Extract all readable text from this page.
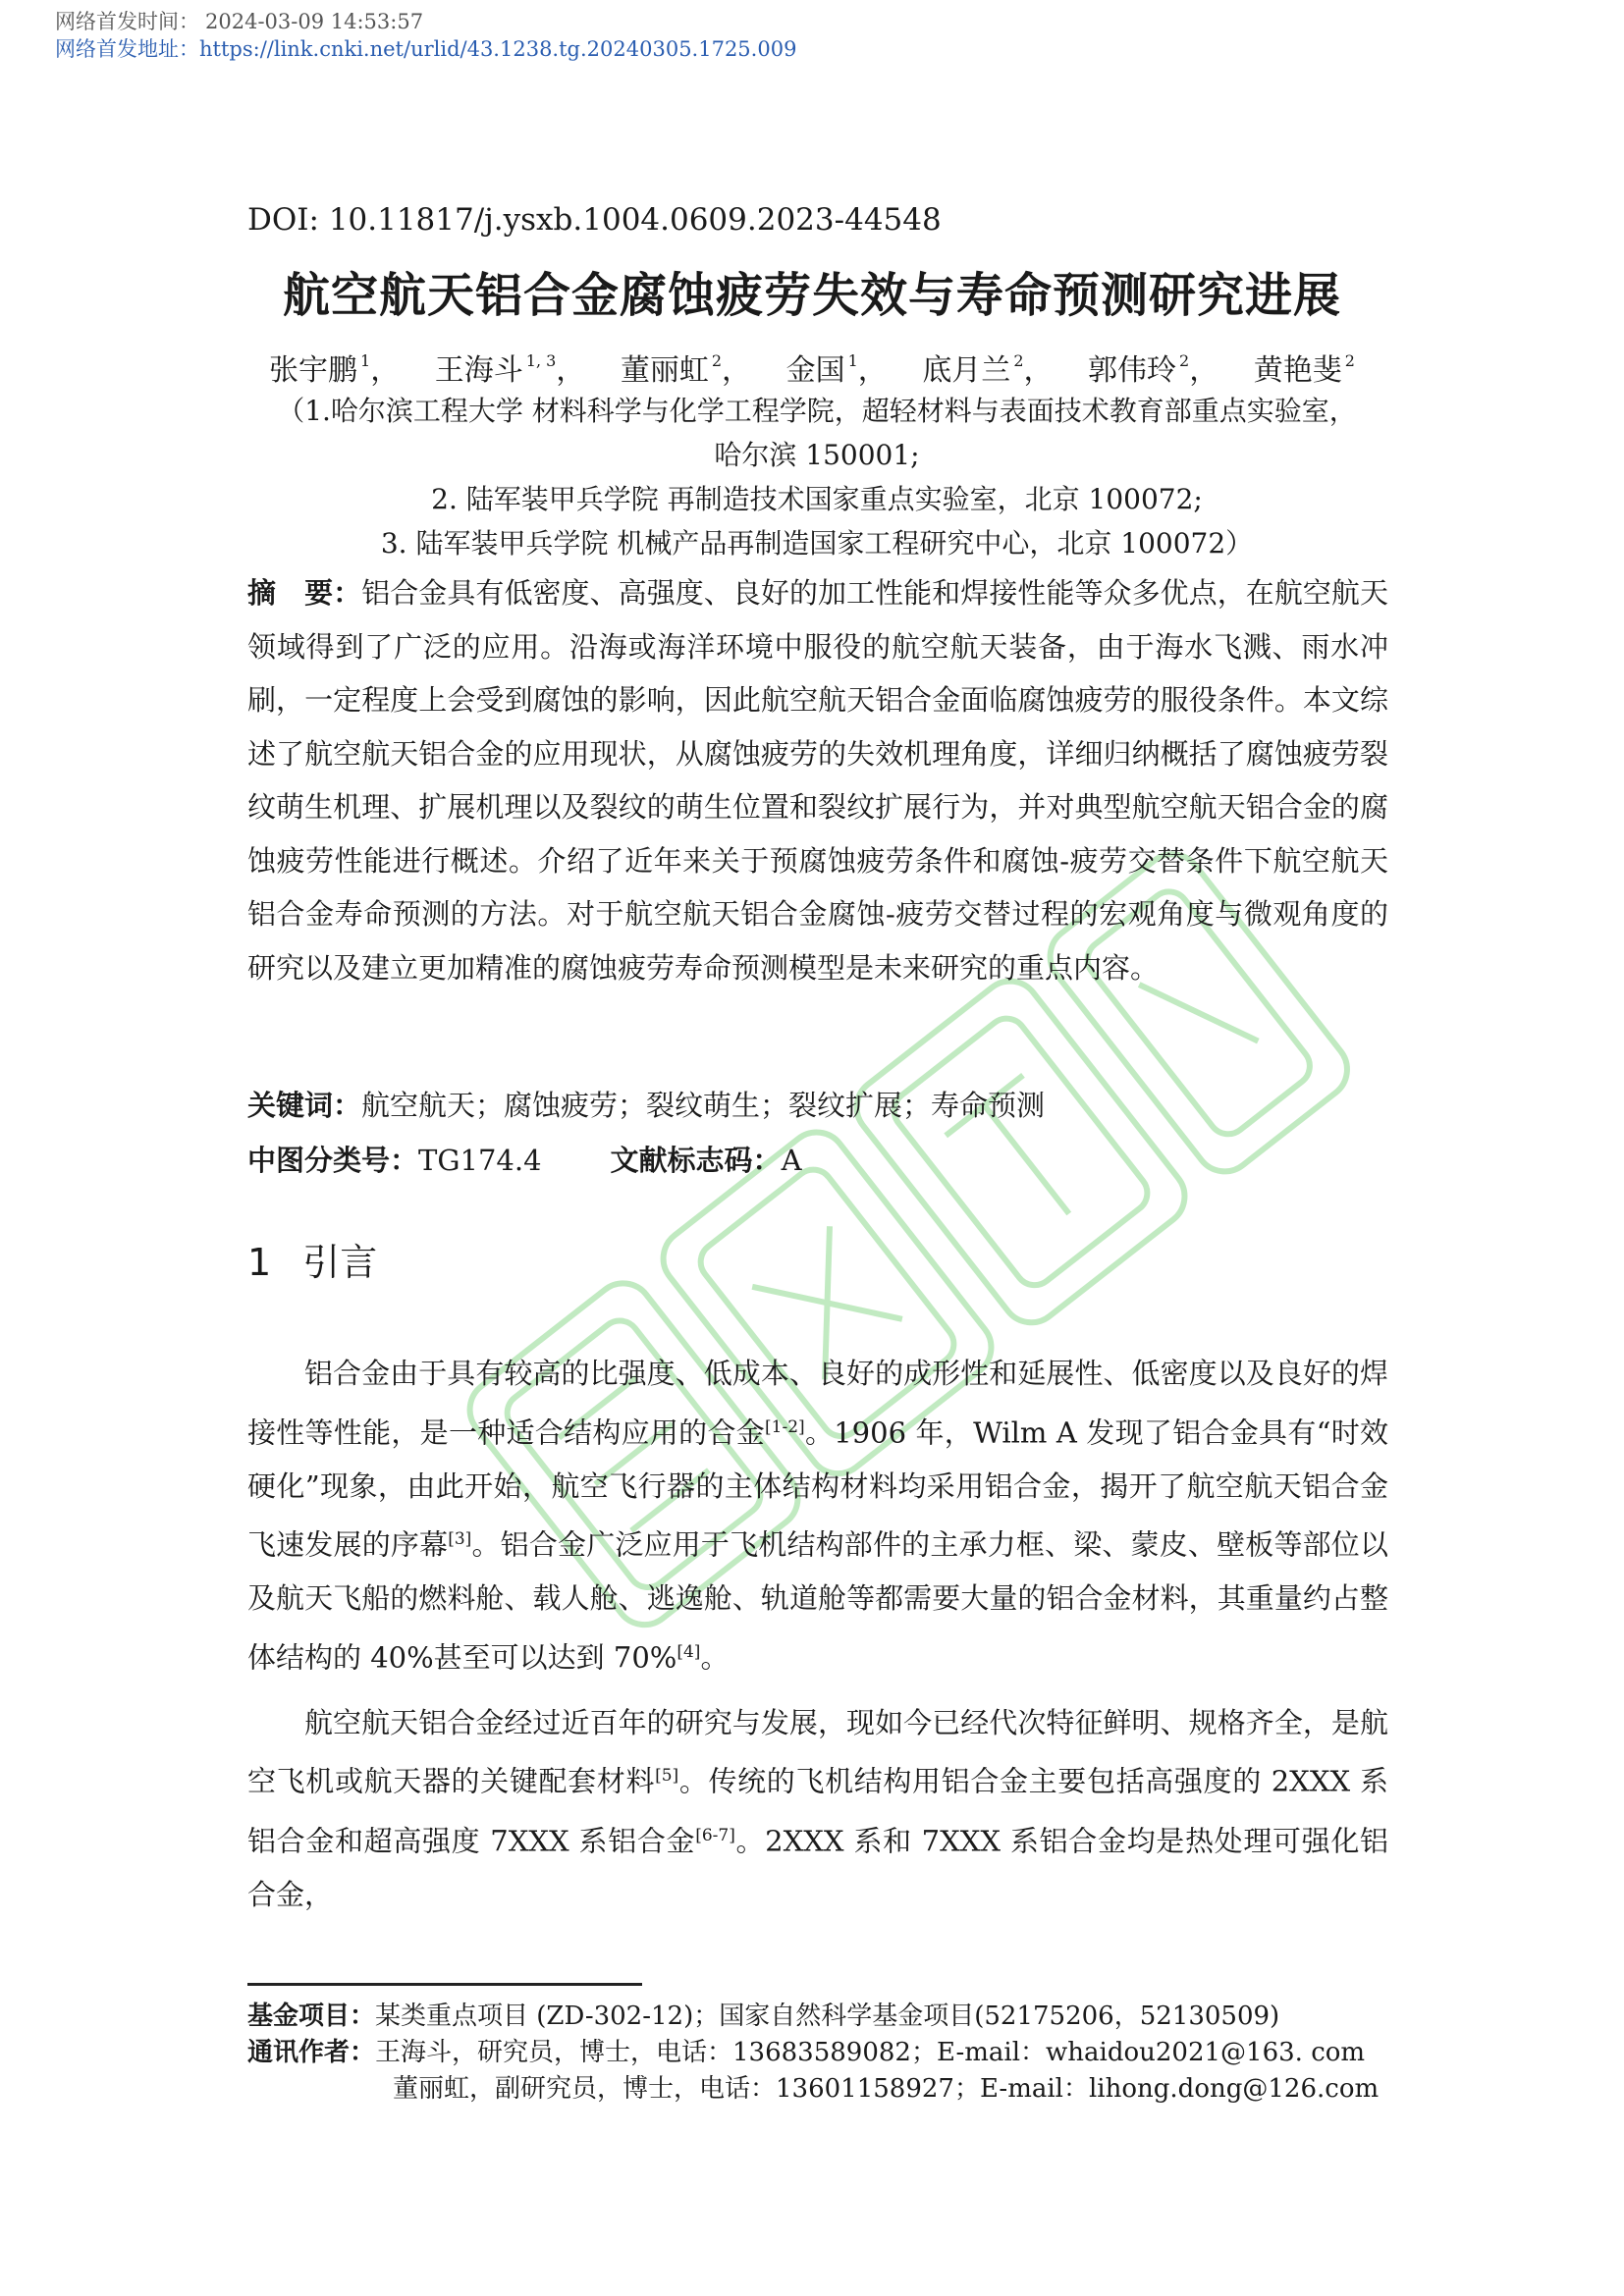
网络首发时间： 2024-03-09 14:53:57
网络首发地址：https://link.cnki.net/urlid/43.1238.tg.20240305.1725.009
DOI: 10.11817/j.ysxb.1004.0609.2023-44548
航空航天铝合金腐蚀疲劳失效与寿命预测研究进展
张宇鹏 $^1$， 王海斗 $^{1, 3}$， 董丽虹 $^2$， 金国 $^1$， 底月兰 $^2$， 郭伟玲 $^2$， 黄艳斐 $^2$
（1.哈尔滨工程大学 材料科学与化学工程学院，超轻材料与表面技术教育部重点实验室，
哈尔滨 150001;
2. 陆军装甲兵学院 再制造技术国家重点实验室，北京 100072;
3. 陆军装甲兵学院 机械产品再制造国家工程研究中心，北京 100072）
摘　要：铝合金具有低密度、高强度、良好的加工性能和焊接性能等众多优点，在航空航天领域得到了广泛的应用。沿海或海洋环境中服役的航空航天装备，由于海水飞溅、雨水冲刷，一定程度上会受到腐蚀的影响，因此航空航天铝合金面临腐蚀疲劳的服役条件。本文综述了航空航天铝合金的应用现状，从腐蚀疲劳的失效机理角度，详细归纳概括了腐蚀疲劳裂纹萌生机理、扩展机理以及裂纹的萌生位置和裂纹扩展行为，并对典型航空航天铝合金的腐蚀疲劳性能进行概述。介绍了近年来关于预腐蚀疲劳条件和腐蚀-疲劳交替条件下航空航天铝合金寿命预测的方法。对于航空航天铝合金腐蚀-疲劳交替过程的宏观角度与微观角度的研究以及建立更加精准的腐蚀疲劳寿命预测模型是未来研究的重点内容。
关键词：航空航天；腐蚀疲劳；裂纹萌生；裂纹扩展；寿命预测
中图分类号：TG174.4 文献标志码：A
1 引言

铝合金由于具有较高的比强度、低成本、良好的成形性和延展性、低密度以及良好的焊接性等性能，是一种适合结构应用的合金[1-2]。1906 年，Wilm A 发现了铝合金具有“时效硬化”现象，由此开始，航空飞行器的主体结构材料均采用铝合金，揭开了航空航天铝合金飞速发展的序幕[3]。铝合金广泛应用于飞机结构部件的主承力框、梁、蒙皮、壁板等部位以及航天飞船的燃料舱、载人舱、逃逸舱、轨道舱等都需要大量的铝合金材料，其重量约占整体结构的 40%甚至可以达到 70%[4]。

航空航天铝合金经过近百年的研究与发展，现如今已经代次特征鲜明、规格齐全，是航空飞机或航天器的关键配套材料[5]。传统的飞机结构用铝合金主要包括高强度的 2XXX 系铝合金和超高强度 7XXX 系铝合金[6-7]。2XXX 系和 7XXX 系铝合金均是热处理可强化铝合金，

基金项目：某类重点项目 (ZD-302-12)；国家自然科学基金项目(52175206，52130509)
通讯作者：王海斗，研究员，博士，电话：13683589082；E-mail：whaidou2021@163. com
董丽虹，副研究员，博士，电话：13601158927；E-mail：lihong.dong@126.com
